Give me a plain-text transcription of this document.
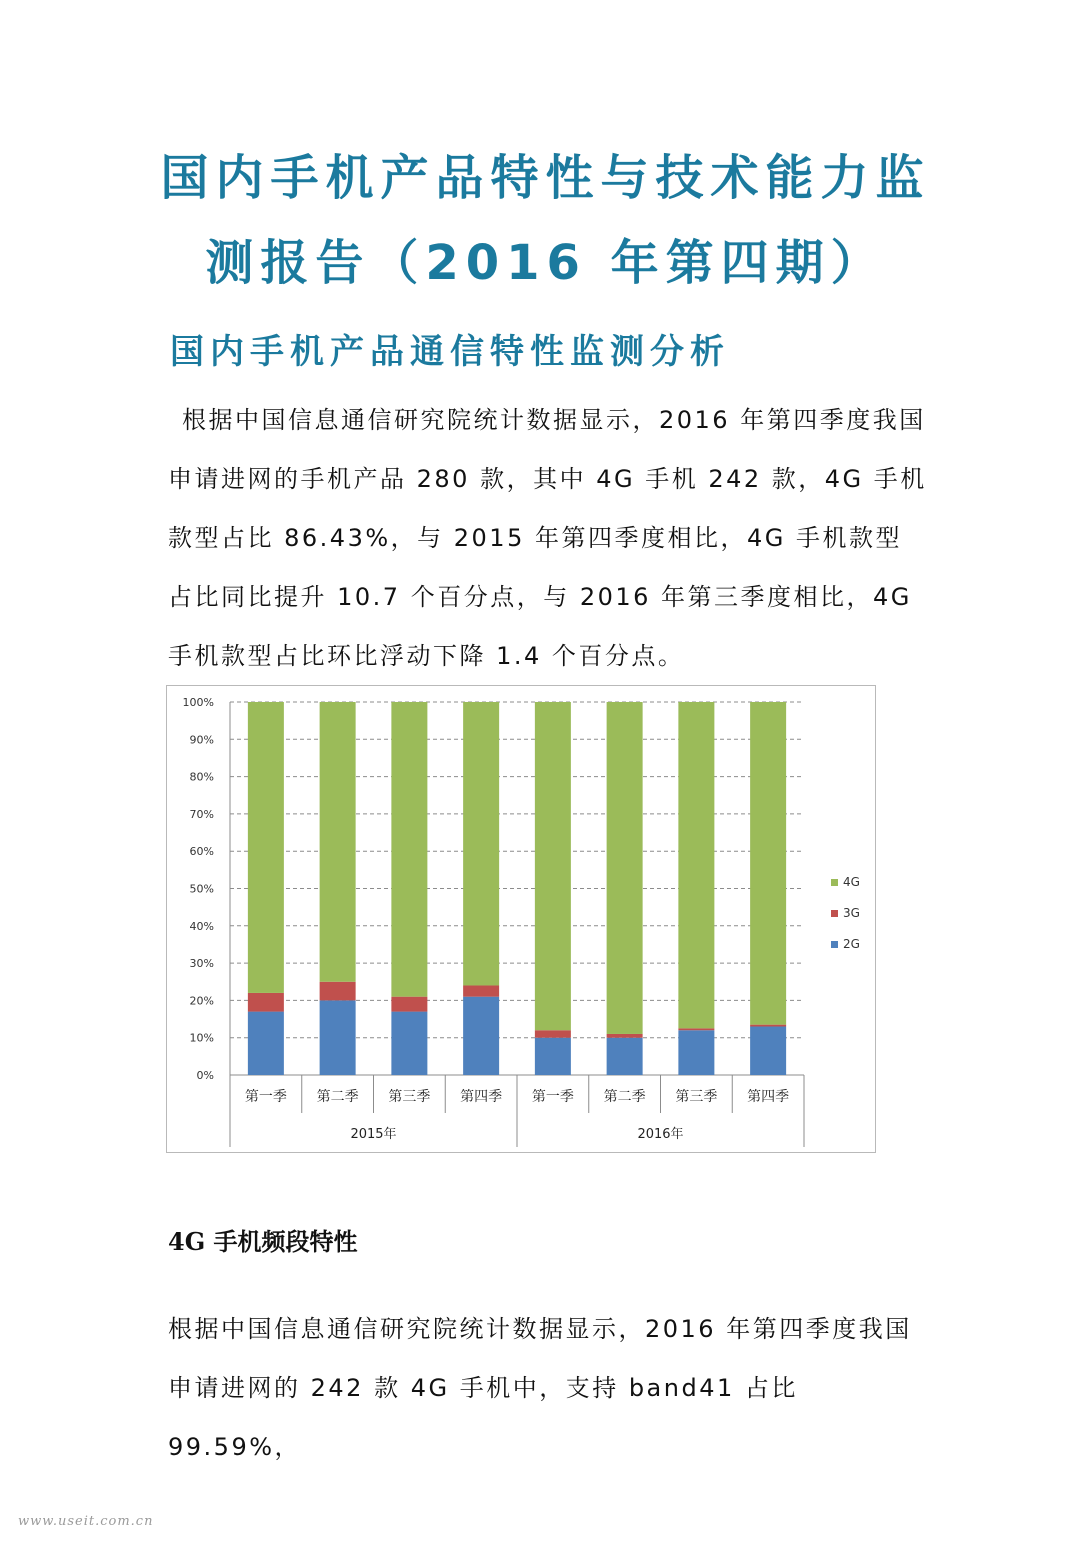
国内手机产品特性与技术能力监
测报告（2016 年第四期）
国内手机产品通信特性监测分析

根据中国信息通信研究院统计数据显示，2016 年第四季度我国申请进网的手机产品 280 款，其中 4G 手机 242 款，4G 手机款型占比 86.43%，与 2015 年第四季度相比，4G 手机款型占比同比提升 10.7 个百分点，与 2016 年第三季度相比，4G 手机款型占比环比浮动下降 1.4 个百分点。

0%
10%
20%
30%
40%
50%
60%
70%
80%
90%
100%
第一季 第二季 第三季 第四季 第一季 第二季 第三季 第四季
2015年	2016年
4G
3G
2G
4G 手机频段特性

根据中国信息通信研究院统计数据显示，2016 年第四季度我国申请进网的 242 款 4G 手机中，支持 band41 占比 99.59%，

www.useit.com.cn
